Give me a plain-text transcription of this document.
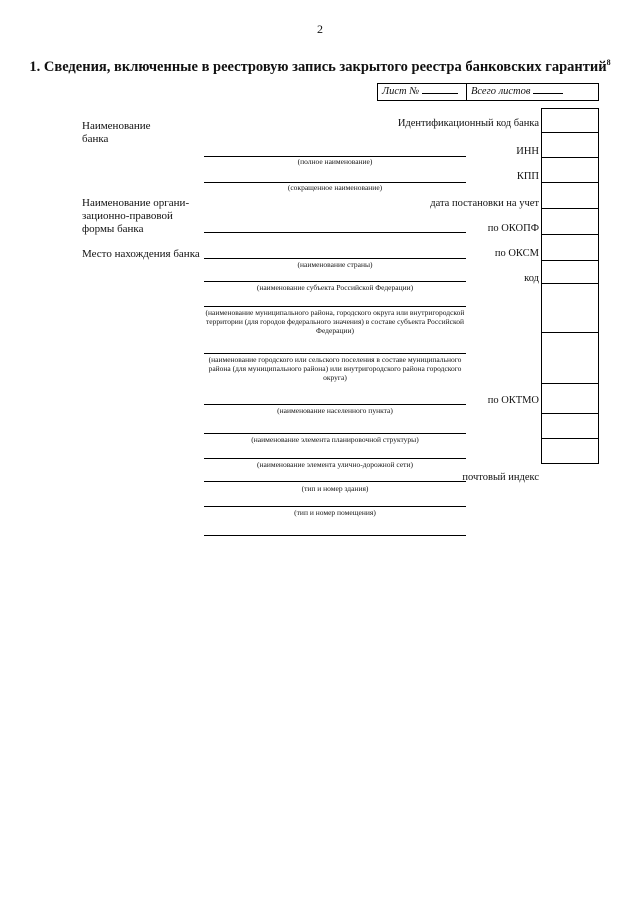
2
1. Сведения, включенные в реестровую запись закрытого реестра банковских гарантий$^8$
Лист №	Всего листов
Наименование
банка
Наименование органи-
зационно-правовой
формы банка
Место нахождения банка
Идентификационный код банка
ИНН
КПП
дата постановки на учет
по ОКОПФ
по ОКСМ
код
по ОКТМО
почтовый индекс
(полное наименование)
(сокращенное наименование)
(наименование страны)
(наименование субъекта Российской Федерации)
(наименование муниципального района, городского округа или внутригородской территории (для городов федерального значения) в составе субъекта Российской Федерации)
(наименование городского или сельского поселения в составе муниципального района (для муниципального района) или внутригородского района городского округа)
(наименование населенного пункта)
(наименование элемента планировочной структуры)
(наименование элемента улично-дорожной сети)
(тип и номер здания)
(тип и номер помещения)
